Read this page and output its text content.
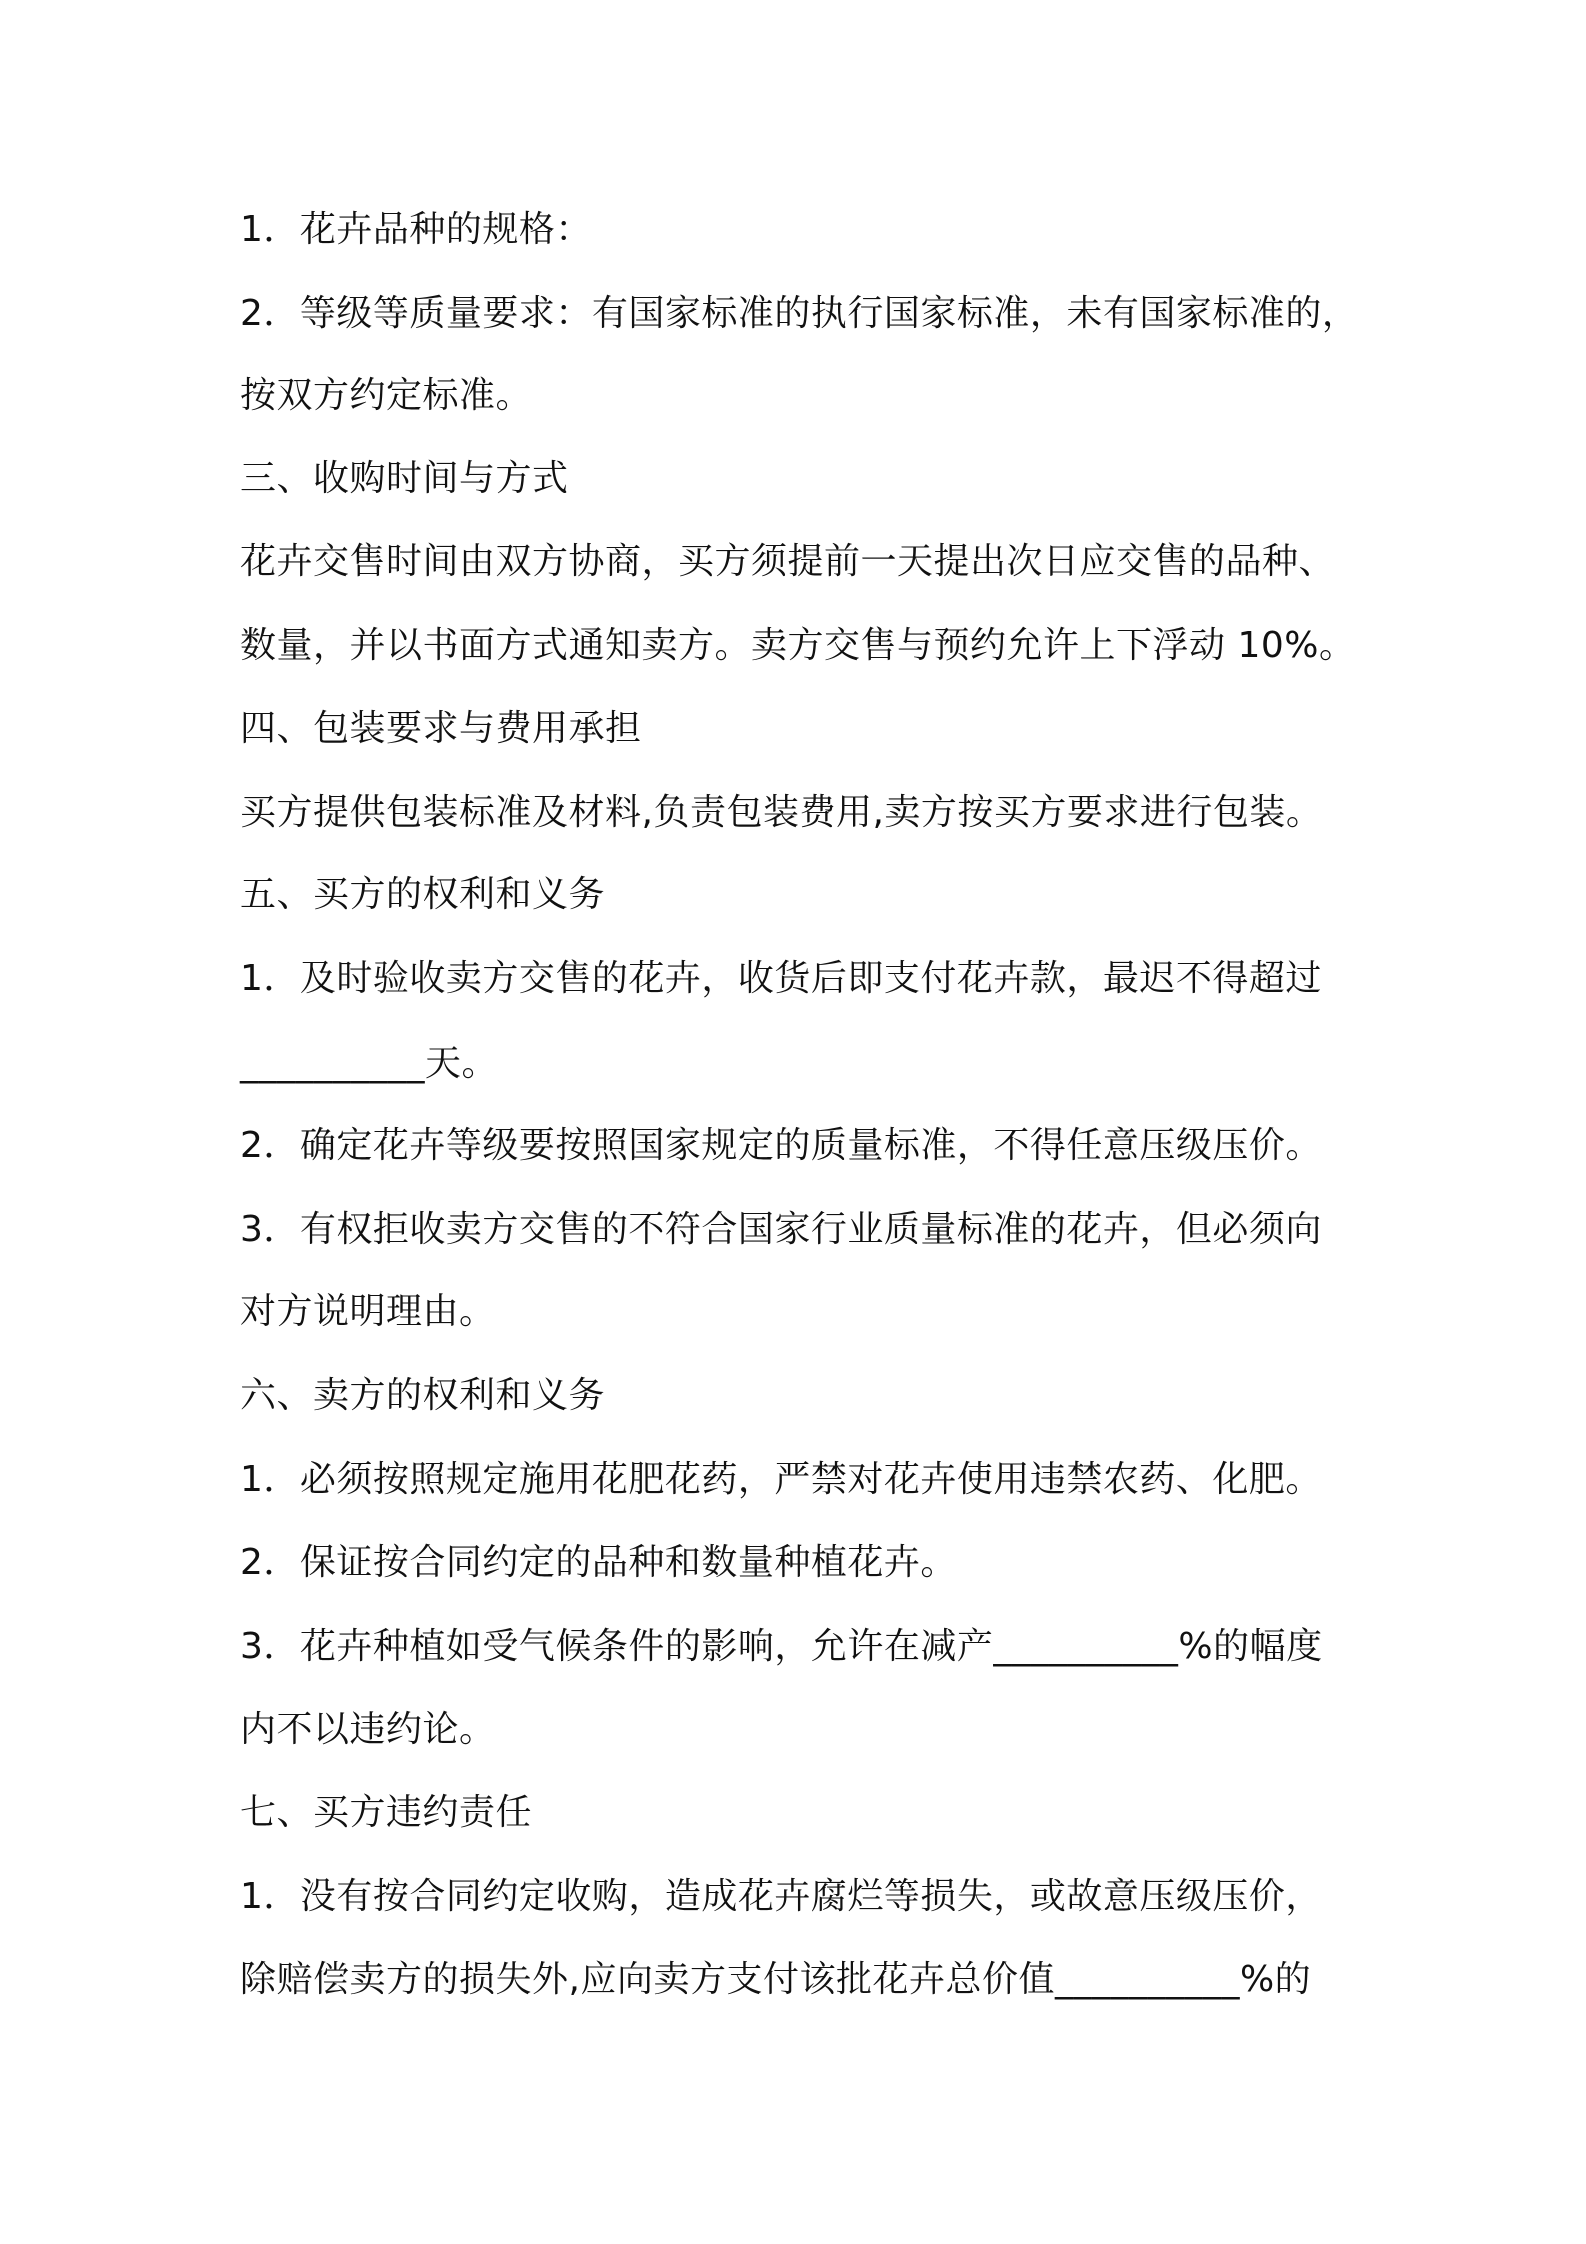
1．花卉品种的规格：
2．等级等质量要求：有国家标准的执行国家标准，未有国家标准的，
按双方约定标准。
三、收购时间与方式
花卉交售时间由双方协商，买方须提前一天提出次日应交售的品种、
数量，并以书面方式通知卖方。卖方交售与预约允许上下浮动 10%。
四、包装要求与费用承担
买方提供包装标准及材料,负责包装费用,卖方按买方要求进行包装。
五、买方的权利和义务
1．及时验收卖方交售的花卉，收货后即支付花卉款，最迟不得超过
__________天。
2．确定花卉等级要按照国家规定的质量标准，不得任意压级压价。
3．有权拒收卖方交售的不符合国家行业质量标准的花卉，但必须向
对方说明理由。
六、卖方的权利和义务
1．必须按照规定施用花肥花药，严禁对花卉使用违禁农药、化肥。
2．保证按合同约定的品种和数量种植花卉。
3．花卉种植如受气候条件的影响，允许在减产__________%的幅度
内不以违约论。
七、买方违约责任
1．没有按合同约定收购，造成花卉腐烂等损失，或故意压级压价，
除赔偿卖方的损失外,应向卖方支付该批花卉总价值__________%的
